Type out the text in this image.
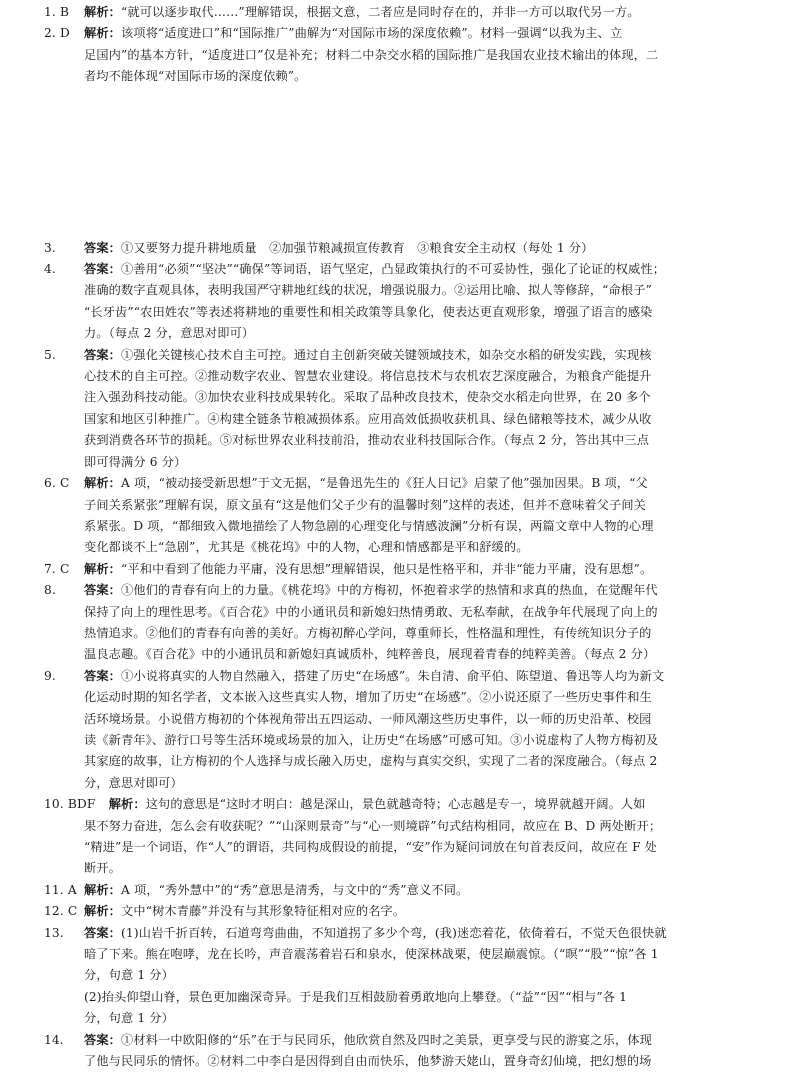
1. B	解析：“就可以逐步取代……”理解错误，根据文意，二者应是同时存在的，并非一方可以取代另一方。
2. D	解析：该项将“适度进口”和“国际推广”曲解为“对国际市场的深度依赖”。材料一强调“以我为主、立
足国内”的基本方针，“适度进口”仅是补充；材料二中杂交水稻的国际推广是我国农业技术输出的体现，二
者均不能体现“对国际市场的深度依赖”。
3.	答案：①又要努力提升耕地质量　②加强节粮减损宣传教育　③粮食安全主动权（每处 1 分）
4.	答案：①善用“必须”“坚决”“确保”等词语，语气坚定，凸显政策执行的不可妥协性，强化了论证的权威性；
准确的数字直观具体，表明我国严守耕地红线的状况，增强说服力。②运用比喻、拟人等修辞，“命根子”
“长牙齿”“农田姓农”等表述将耕地的重要性和相关政策等具象化，使表达更直观形象，增强了语言的感染
力。（每点 2 分，意思对即可）
5.	答案：①强化关键核心技术自主可控。通过自主创新突破关键领域技术，如杂交水稻的研发实践，实现核
心技术的自主可控。②推动数字农业、智慧农业建设。将信息技术与农机农艺深度融合，为粮食产能提升
注入强劲科技动能。③加快农业科技成果转化。采取了品种改良技术，使杂交水稻走向世界，在 20 多个
国家和地区引种推广。④构建全链条节粮减损体系。应用高效低损收获机具、绿色储粮等技术，减少从收
获到消费各环节的损耗。⑤对标世界农业科技前沿，推动农业科技国际合作。（每点 2 分，答出其中三点
即可得满分 6 分）
6. C	解析：A 项，“被动接受新思想”于文无据，“是鲁迅先生的《狂人日记》启蒙了他”强加因果。B 项，“父
子间关系紧张”理解有误，原文虽有“这是他们父子少有的温馨时刻”这样的表述，但并不意味着父子间关
系紧张。D 项，“都细致入微地描绘了人物急剧的心理变化与情感波澜”分析有误，两篇文章中人物的心理
变化都谈不上“急剧”，尤其是《桃花坞》中的人物，心理和情感都是平和舒缓的。
7. C	解析：“平和中看到了他能力平庸，没有思想”理解错误，他只是性格平和，并非“能力平庸，没有思想”。
8.	答案：①他们的青春有向上的力量。《桃花坞》中的方梅初，怀抱着求学的热情和求真的热血，在觉醒年代
保持了向上的理性思考。《百合花》中的小通讯员和新媳妇热情勇敢、无私奉献，在战争年代展现了向上的
热情追求。②他们的青春有向善的美好。方梅初醉心学问，尊重师长，性格温和理性，有传统知识分子的
温良志趣。《百合花》中的小通讯员和新媳妇真诚质朴，纯粹善良，展现着青春的纯粹美善。（每点 2 分）
9.	答案：①小说将真实的人物自然融入，搭建了历史“在场感”。朱自清、俞平伯、陈望道、鲁迅等人均为新文
化运动时期的知名学者，文本嵌入这些真实人物，增加了历史“在场感”。②小说还原了一些历史事件和生
活环境场景。小说借方梅初的个体视角带出五四运动、一师风潮这些历史事件，以一师的历史沿革、校园
读《新青年》、游行口号等生活环境或场景的加入，让历史“在场感”可感可知。③小说虚构了人物方梅初及
其家庭的故事，让方梅初的个人选择与成长融入历史，虚构与真实交织，实现了二者的深度融合。（每点 2
分，意思对即可）
10. BDF
　　	解析：这句的意思是“这时才明白：越是深山，景色就越奇特；心志越是专一，境界就越开阔。人如
果不努力奋进，怎么会有收获呢？”“山深则景奇”与“心一则境辟”句式结构相同，故应在 B、D 两处断开；
“精进”是一个词语，作“人”的谓语，共同构成假设的前提，“安”作为疑问词放在句首表反问，故应在 F 处
断开。
11. A 解析：A 项，“秀外慧中”的“秀”意思是清秀，与文中的“秀”意义不同。
12. C 解析：文中“树木青藤”并没有与其形象特征相对应的名字。
13.	答案：(1)山岩千折百转，石道弯弯曲曲，不知道拐了多少个弯，(我)迷恋着花，依倚着石，不觉天色很快就
暗了下来。熊在咆哮，龙在长吟，声音震荡着岩石和泉水，使深林战栗，使层巅震惊。（“暝”“股”“惊”各 1
分，句意 1 分）
(2)抬头仰望山脊，景色更加幽深奇异。于是我们互相鼓励着勇敢地向上攀登。（“益”“因”“相与”各 1
分，句意 1 分）
14.	答案：①材料一中欧阳修的“乐”在于与民同乐，他欣赏自然及四时之美景，更享受与民的游宴之乐，体现
了他与民同乐的情怀。②材料二中李白是因得到自由而快乐，他梦游天姥山，置身奇幻仙境，把幻想的场
